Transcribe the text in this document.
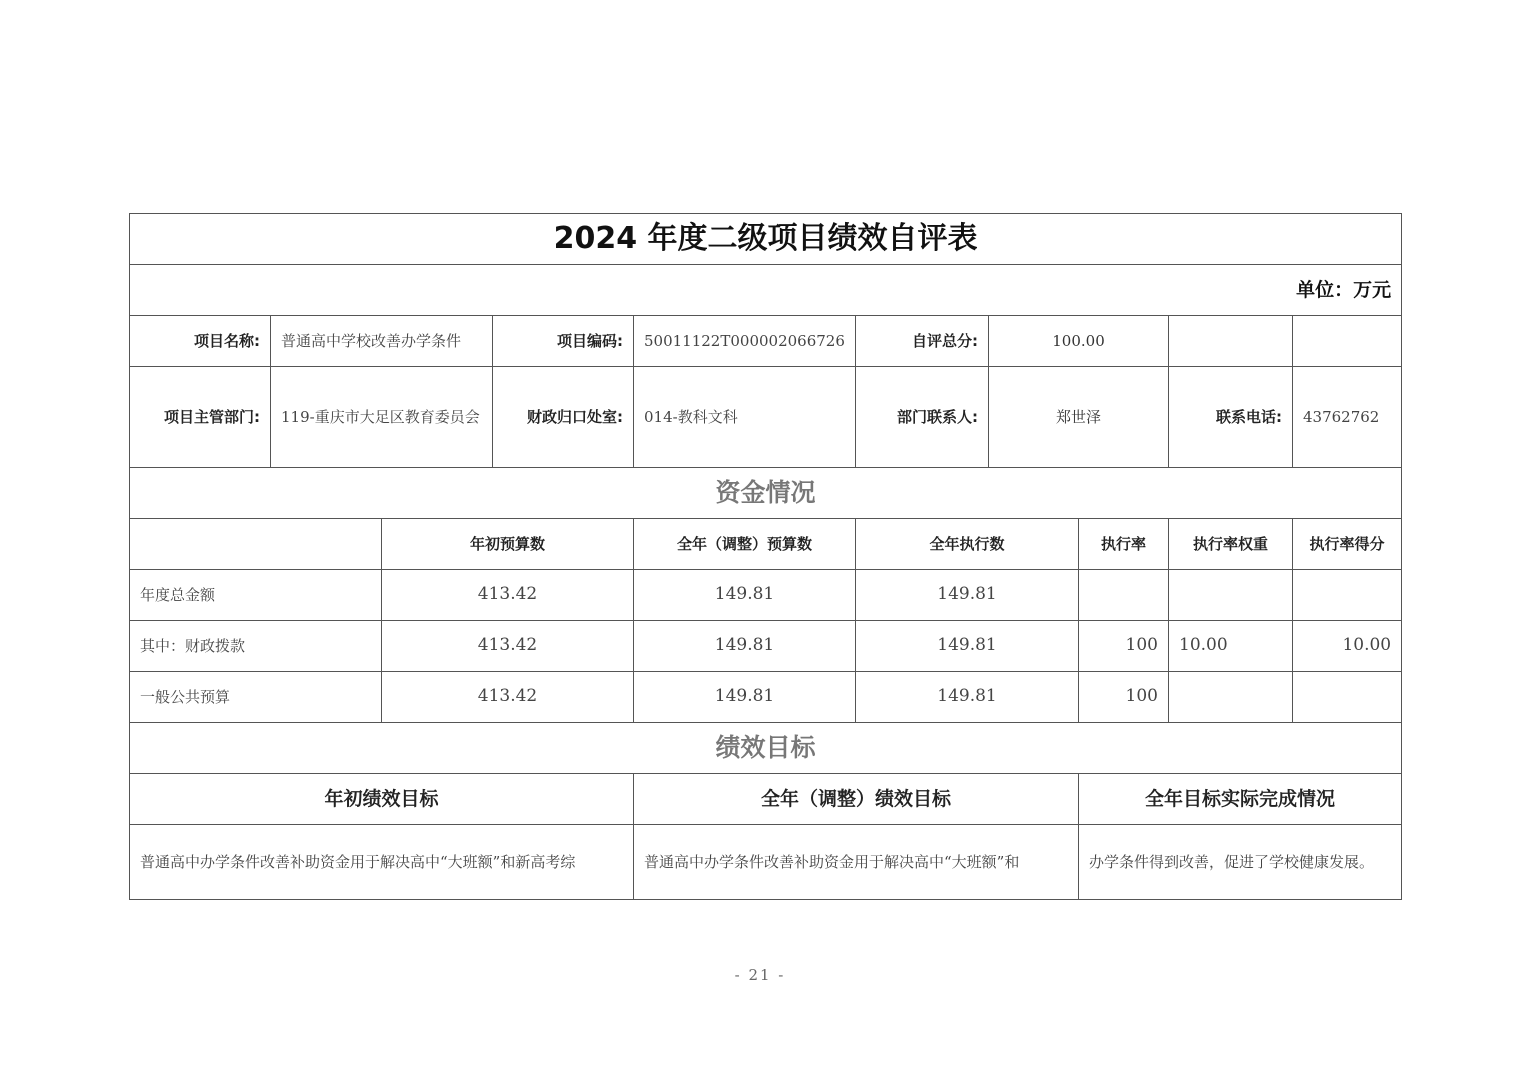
2024 年度二级项目绩效自评表									
单位：万元									
项目名称:	普通高中学校改善办学条件		项目编码:	50011122T000002066726	自评总分:	100.00			
项目主管部门:	119-重庆市大足区教育委员会		财政归口处室:	014-教科文科	部门联系人:	郑世泽		联系电话:	43762762
资金情况									
		年初预算数		全年（调整）预算数	全年执行数		执行率	执行率权重	执行率得分
年度总金额		413.42		149.81	149.81				
其中：财政拨款		413.42		149.81	149.81		100	10.00	10.00
一般公共预算		413.42		149.81	149.81		100		
绩效目标									
年初绩效目标				全年（调整）绩效目标			全年目标实际完成情况		
普通高中办学条件改善补助资金用于解决高中“大班额”和新高考综				普通高中办学条件改善补助资金用于解决高中“大班额”和			办学条件得到改善，促进了学校健康发展。		
- 21 -
